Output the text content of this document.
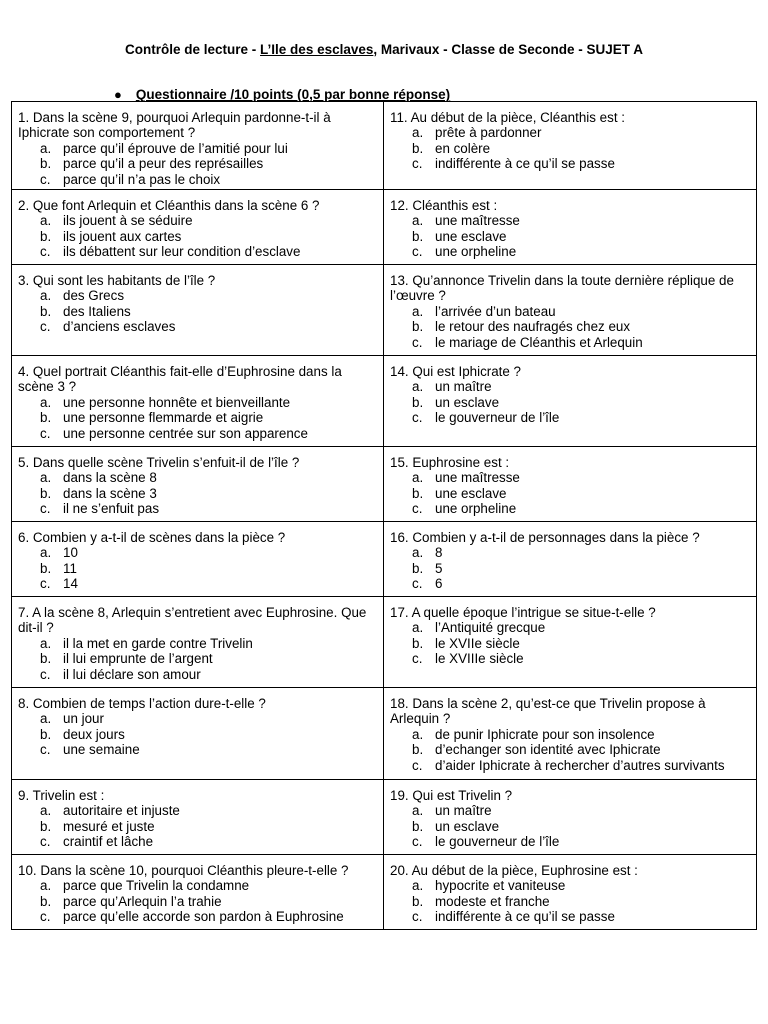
Contrôle de lecture - L’Ile des esclaves, Marivaux - Classe de Seconde - SUJET A
● Questionnaire /10 points (0,5 par bonne réponse)
1. Dans la scène 9, pourquoi Arlequin pardonne-t-il à Iphicrate son comportement ?
a. parce qu’il éprouve de l’amitié pour lui
b. parce qu’il a peur des représailles
c. parce qu’il n’a pas le choix	11. Au début de la pièce, Cléanthis est :
a. prête à pardonner
b. en colère
c. indifférente à ce qu’il se passe

2. Que font Arlequin et Cléanthis dans la scène 6 ?
a. ils jouent à se séduire
b. ils jouent aux cartes
c. ils débattent sur leur condition d’esclave	12. Cléanthis est :
a. une maîtresse
b. une esclave
c. une orpheline

3. Qui sont les habitants de l’île ?
a. des Grecs
b. des Italiens
c. d’anciens esclaves	13. Qu’annonce Trivelin dans la toute dernière réplique de l’œuvre ?
a. l’arrivée d’un bateau
b. le retour des naufragés chez eux
c. le mariage de Cléanthis et Arlequin

4. Quel portrait Cléanthis fait-elle d’Euphrosine dans la scène 3 ?
a. une personne honnête et bienveillante
b. une personne flemmarde et aigrie
c. une personne centrée sur son apparence	14. Qui est Iphicrate ?
a. un maître
b. un esclave
c. le gouverneur de l’île

5. Dans quelle scène Trivelin s’enfuit-il de l’île ?
a. dans la scène 8
b. dans la scène 3
c. il ne s’enfuit pas	15. Euphrosine est :
a. une maîtresse
b. une esclave
c. une orpheline

6. Combien y a-t-il de scènes dans la pièce ?
a. 10
b. 11
c. 14	16. Combien y a-t-il de personnages dans la pièce ?
a. 8
b. 5
c. 6

7. A la scène 8, Arlequin s’entretient avec Euphrosine. Que dit-il ?
a. il la met en garde contre Trivelin
b. il lui emprunte de l’argent
c. il lui déclare son amour	17. A quelle époque l’intrigue se situe-t-elle ?
a. l’Antiquité grecque
b. le XVIIe siècle
c. le XVIIIe siècle

8. Combien de temps l’action dure-t-elle ?
a. un jour
b. deux jours
c. une semaine	18. Dans la scène 2, qu’est-ce que Trivelin propose à Arlequin ?
a. de punir Iphicrate pour son insolence
b. d’echanger son identité avec Iphicrate
c. d’aider Iphicrate à rechercher d’autres survivants

9. Trivelin est :
a. autoritaire et injuste
b. mesuré et juste
c. craintif et lâche	19. Qui est Trivelin ?
a. un maître
b. un esclave
c. le gouverneur de l’île

10. Dans la scène 10, pourquoi Cléanthis pleure-t-elle ?
a. parce que Trivelin la condamne
b. parce qu’Arlequin l’a trahie
c. parce qu’elle accorde son pardon à Euphrosine	20. Au début de la pièce, Euphrosine est :
a. hypocrite et vaniteuse
b. modeste et franche
c. indifférente à ce qu’il se passe
